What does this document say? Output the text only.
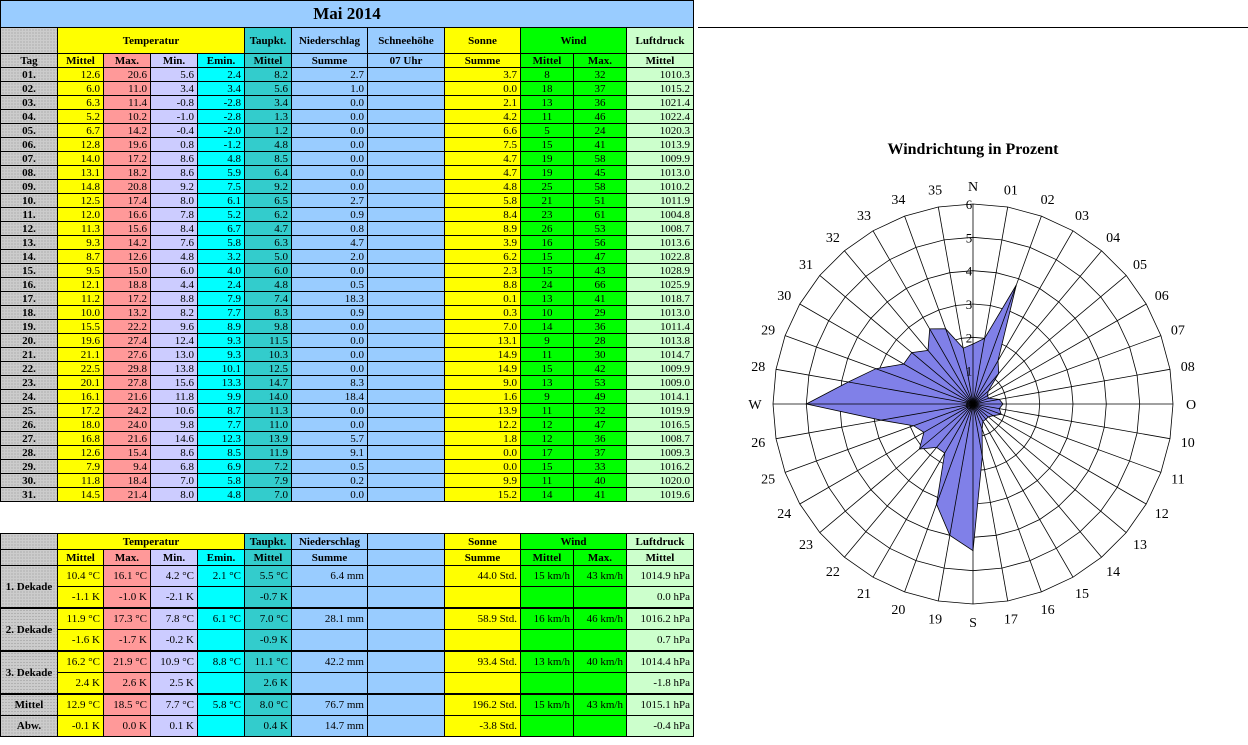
Mai 2014											
	Temperatur				Taupkt.	Niederschlag	Schneehöhe	Sonne	Wind		Luftdruck
Tag	Mittel	Max.	Min.	Emin.	Mittel	Summe	07 Uhr	Summe	Mittel	Max.	Mittel
01.	12.6	20.6	5.6	2.4	8.2	2.7		3.7	8	32	1010.3
02.	6.0	11.0	3.4	3.4	5.6	1.0		0.0	18	37	1015.2
03.	6.3	11.4	-0.8	-2.8	3.4	0.0		2.1	13	36	1021.4
04.	5.2	10.2	-1.0	-2.8	1.3	0.0		4.2	11	46	1022.4
05.	6.7	14.2	-0.4	-2.0	1.2	0.0		6.6	5	24	1020.3
06.	12.8	19.6	0.8	-1.2	4.8	0.0		7.5	15	41	1013.9
07.	14.0	17.2	8.6	4.8	8.5	0.0		4.7	19	58	1009.9
08.	13.1	18.2	8.6	5.9	6.4	0.0		4.7	19	45	1013.0
09.	14.8	20.8	9.2	7.5	9.2	0.0		4.8	25	58	1010.2
10.	12.5	17.4	8.0	6.1	6.5	2.7		5.8	21	51	1011.9
11.	12.0	16.6	7.8	5.2	6.2	0.9		8.4	23	61	1004.8
12.	11.3	15.6	8.4	6.7	4.7	0.8		8.9	26	53	1008.7
13.	9.3	14.2	7.6	5.8	6.3	4.7		3.9	16	56	1013.6
14.	8.7	12.6	4.8	3.2	5.0	2.0		6.2	15	47	1022.8
15.	9.5	15.0	6.0	4.0	6.0	0.0		2.3	15	43	1028.9
16.	12.1	18.8	4.4	2.4	4.8	0.5		8.8	24	66	1025.9
17.	11.2	17.2	8.8	7.9	7.4	18.3		0.1	13	41	1018.7
18.	10.0	13.2	8.2	7.7	8.3	0.9		0.3	10	29	1013.0
19.	15.5	22.2	9.6	8.9	9.8	0.0		7.0	14	36	1011.4
20.	19.6	27.4	12.4	9.3	11.5	0.0		13.1	9	28	1013.8
21.	21.1	27.6	13.0	9.3	10.3	0.0		14.9	11	30	1014.7
22.	22.5	29.8	13.8	10.1	12.5	0.0		14.9	15	42	1009.9
23.	20.1	27.8	15.6	13.3	14.7	8.3		9.0	13	53	1009.0
24.	16.1	21.6	11.8	9.9	14.0	18.4		1.6	9	49	1014.1
25.	17.2	24.2	10.6	8.7	11.3	0.0		13.9	11	32	1019.9
26.	18.0	24.0	9.8	7.7	11.0	0.0		12.2	12	47	1016.5
27.	16.8	21.6	14.6	12.3	13.9	5.7		1.8	12	36	1008.7
28.	12.6	15.4	8.6	8.5	11.9	9.1		0.0	17	37	1009.3
29.	7.9	9.4	6.8	6.9	7.2	0.5		0.0	15	33	1016.2
30.	11.8	18.4	7.0	5.8	7.9	0.2		9.9	11	40	1020.0
31.	14.5	21.4	8.0	4.8	7.0	0.0		15.2	14	41	1019.6
	Temperatur				Taupkt.	Niederschlag		Sonne	Wind		Luftdruck
	Mittel	Max.	Min.	Emin.	Mittel	Summe		Summe	Mittel	Max.	Mittel
1. Dekade	10.4 °C	16.1 °C	4.2 °C	2.1 °C	5.5 °C	6.4 mm		44.0 Std.	15 km/h	43 km/h	1014.9 hPa
	-1.1 K	-1.0 K	-2.1 K		-0.7 K						0.0 hPa
2. Dekade	11.9 °C	17.3 °C	7.8 °C	6.1 °C	7.0 °C	28.1 mm		58.9 Std.	16 km/h	46 km/h	1016.2 hPa
	-1.6 K	-1.7 K	-0.2 K		-0.9 K						0.7 hPa
3. Dekade	16.2 °C	21.9 °C	10.9 °C	8.8 °C	11.1 °C	42.2 mm		93.4 Std.	13 km/h	40 km/h	1014.4 hPa
	2.4 K	2.6 K	2.5 K		2.6 K						-1.8 hPa
Mittel	12.9 °C	18.5 °C	7.7 °C	5.8 °C	8.0 °C	76.7 mm		196.2 Std.	15 km/h	43 km/h	1015.1 hPa
Abw.	-0.1 K	0.0 K	0.1 K		0.4 K	14.7 mm		-3.8 Std.			-0.4 hPa
Windrichtung in Prozent
0
1
2
3
4
5
6
N 01
02
03
04
05
06
07
08
O
10
11
12
13
14
15
16
17
S
19
20
21
22
23
24
25
26
W
28
29
30
31
32
33
34
35
